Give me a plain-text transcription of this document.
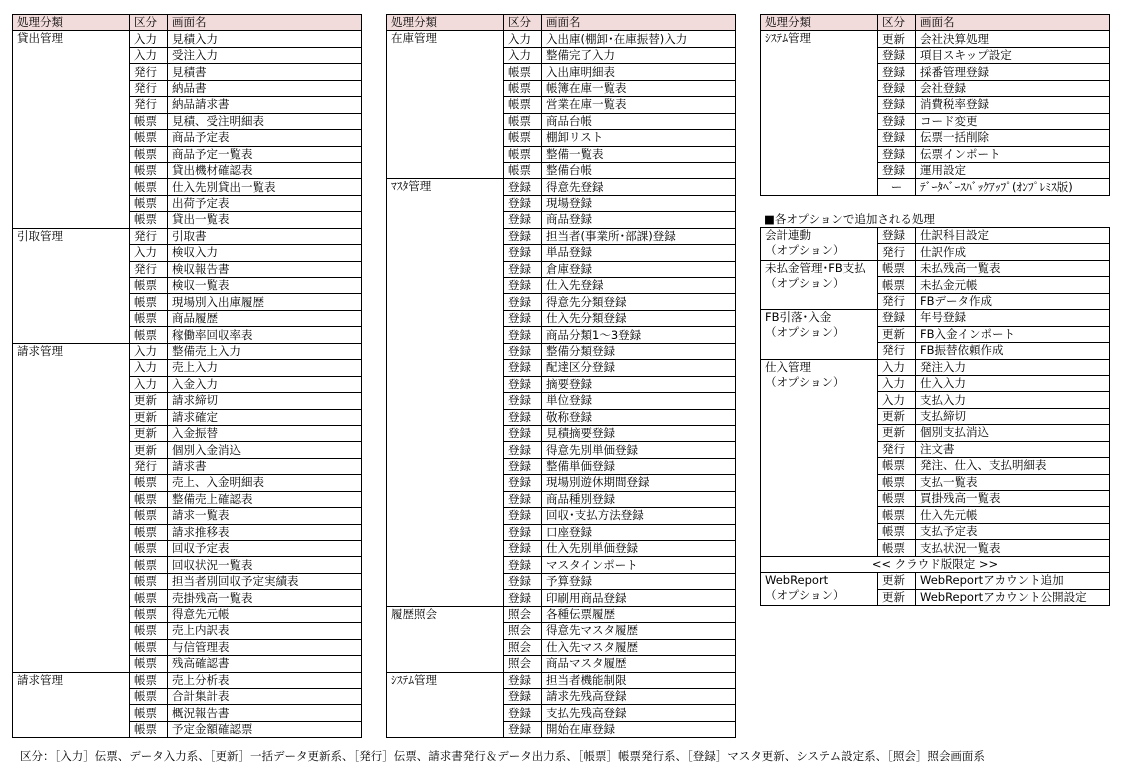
処理分類	区分	画面名

貸出管理	入力	見積入力
	入力	受注入力
	発行	見積書
	発行	納品書
	発行	納品請求書
	帳票	見積、受注明細表
	帳票	商品予定表
	帳票	商品予定一覧表
	帳票	貸出機材確認表
	帳票	仕入先別貸出一覧表
	帳票	出荷予定表
	帳票	貸出一覧表

引取管理	発行	引取書
	入力	検収入力
	発行	検収報告書
	帳票	検収一覧表
	帳票	現場別入出庫履歴
	帳票	商品履歴
	帳票	稼働率回収率表

請求管理	入力	整備売上入力
	入力	売上入力
	入力	入金入力
	更新	請求締切
	更新	請求確定
	更新	入金振替
	更新	個別入金消込
	発行	請求書
	帳票	売上、入金明細表
	帳票	整備売上確認表
	帳票	請求一覧表
	帳票	請求推移表
	帳票	回収予定表
	帳票	回収状況一覧表
	帳票	担当者別回収予定実績表
	帳票	売掛残高一覧表
	帳票	得意先元帳
	帳票	売上内訳表
	帳票	与信管理表
	帳票	残高確認書

請求管理	帳票	売上分析表
	帳票	合計集計表
	帳票	概況報告書
	帳票	予定金額確認票
処理分類	区分	画面名

在庫管理	入力	入出庫(棚卸･在庫振替)入力
	入力	整備完了入力
	帳票	入出庫明細表
	帳票	帳簿在庫一覧表
	帳票	営業在庫一覧表
	帳票	商品台帳
	帳票	棚卸リスト
	帳票	整備一覧表
	帳票	整備台帳

ﾏｽﾀ管理	登録	得意先登録
	登録	現場登録
	登録	商品登録
	登録	担当者(事業所･部課)登録
	登録	単品登録
	登録	倉庫登録
	登録	仕入先登録
	登録	得意先分類登録
	登録	仕入先分類登録
	登録	商品分類1～3登録
	登録	整備分類登録
	登録	配達区分登録
	登録	摘要登録
	登録	単位登録
	登録	敬称登録
	登録	見積摘要登録
	登録	得意先別単価登録
	登録	整備単価登録
	登録	現場別遊休期間登録
	登録	商品種別登録
	登録	回収･支払方法登録
	登録	口座登録
	登録	仕入先別単価登録
	登録	マスタインポート
	登録	予算登録
	登録	印刷用商品登録

履歴照会	照会	各種伝票履歴
	照会	得意先マスタ履歴
	照会	仕入先マスタ履歴
	照会	商品マスタ履歴

ｼｽﾃﾑ管理	登録	担当者機能制限
	登録	請求先残高登録
	登録	支払先残高登録
	登録	開始在庫登録
処理分類	区分	画面名

ｼｽﾃﾑ管理	更新	会社決算処理
	登録	項目スキップ設定
	登録	採番管理登録
	登録	会社登録
	登録	消費税率登録
	登録	コード変更
	登録	伝票一括削除
	登録	伝票インポート
	登録	運用設定
	ー	ﾃﾞｰﾀﾍﾞｰｽﾊﾞｯｸｱｯﾌﾟ(ｵﾝﾌﾟﾚﾐｽ版)
■各オプションで追加される処理
会計連動
（オプション）	登録	仕訳科目設定
	発行	仕訳作成

未払金管理･FB支払
（オプション）	帳票	未払残高一覧表
	帳票	未払金元帳
	発行	FBデータ作成

FB引落･入金
（オプション）	登録	年号登録
	更新	FB入金インポート
	発行	FB振替依頼作成

仕入管理
（オプション）	入力	発注入力
	入力	仕入入力
	入力	支払入力
	更新	支払締切
	更新	個別支払消込
	発行	注文書
	帳票	発注、仕入、支払明細表
	帳票	支払一覧表
	帳票	買掛残高一覧表
	帳票	仕入先元帳
	帳票	支払予定表
	帳票	支払状況一覧表
<< クラウド版限定 >>		

WebReport
（オプション）	更新	WebReportアカウント追加
	更新	WebReportアカウント公開設定
区分：［入力］伝票、データ入力系、［更新］一括データ更新系、［発行］伝票、請求書発行＆データ出力系、［帳票］帳票発行系、［登録］マスタ更新、システム設定系、［照会］照会画面系
